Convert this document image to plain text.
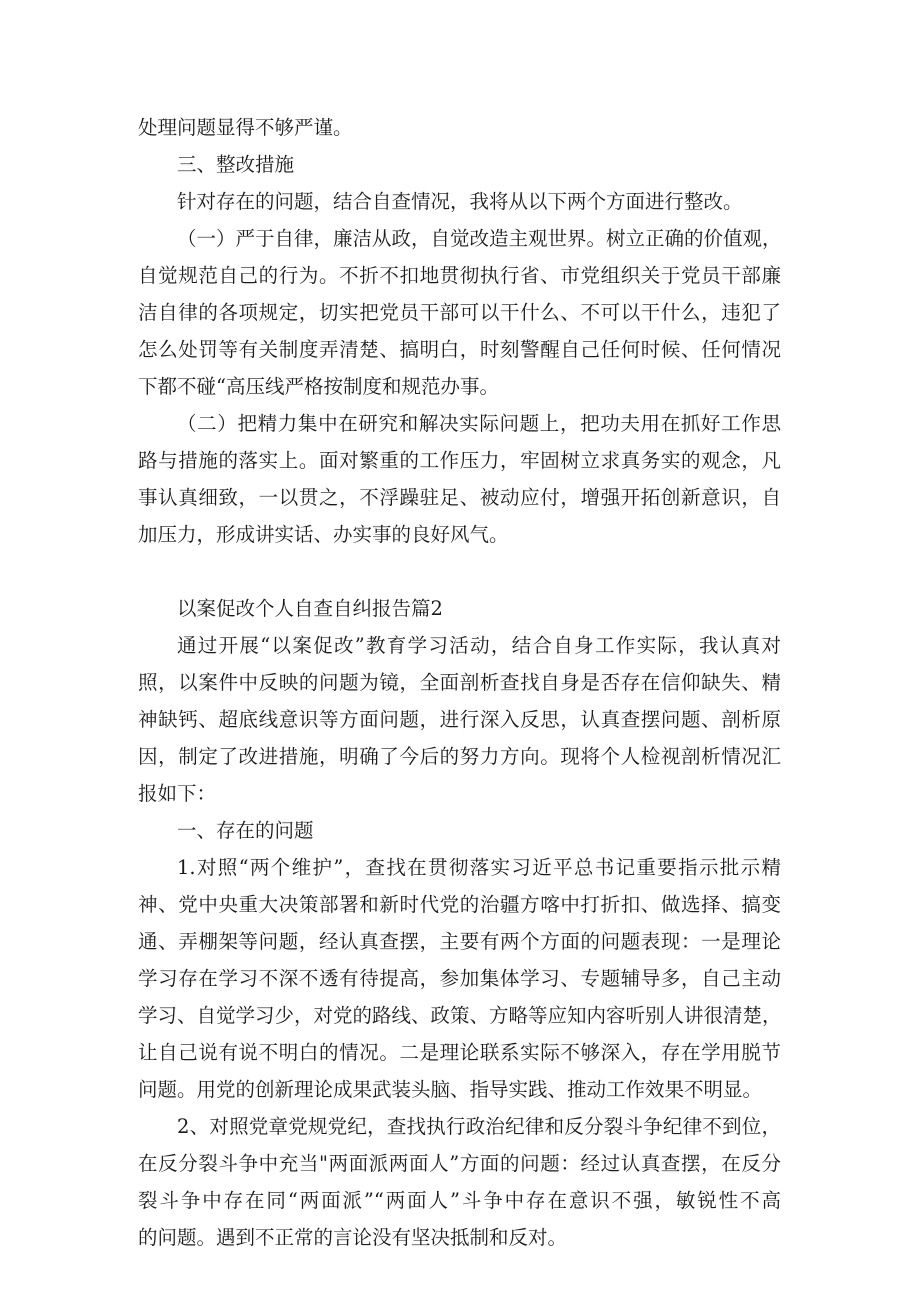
处理问题显得不够严谨。

三、整改措施

针对存在的问题，结合自查情况，我将从以下两个方面进行整改。

（一）严于自律，廉洁从政，自觉改造主观世界。树立正确的价值观，

自觉规范自己的行为。不折不扣地贯彻执行省、市党组织关于党员干部廉

洁自律的各项规定，切实把党员干部可以干什么、不可以干什么，违犯了

怎么处罚等有关制度弄清楚、搞明白，时刻警醒自己任何时候、任何情况

下都不碰“高压线严格按制度和规范办事。

（二）把精力集中在研究和解决实际问题上，把功夫用在抓好工作思

路与措施的落实上。面对繁重的工作压力，牢固树立求真务实的观念，凡

事认真细致，一以贯之，不浮躁驻足、被动应付，增强开拓创新意识，自

加压力，形成讲实话、办实事的良好风气。

以案促改个人自查自纠报告篇2

通过开展“以案促改”教育学习活动，结合自身工作实际，我认真对

照，以案件中反映的问题为镜，全面剖析查找自身是否存在信仰缺失、精

神缺钙、超底线意识等方面问题，进行深入反思，认真查摆问题、剖析原

因，制定了改进措施，明确了今后的努力方向。现将个人检视剖析情况汇

报如下：

一、存在的问题

1.对照“两个维护”，查找在贯彻落实习近平总书记重要指示批示精

神、党中央重大决策部署和新时代党的治疆方喀中打折扣、做选择、搞变

通、弄棚架等问题，经认真查摆，主要有两个方面的问题表现：一是理论

学习存在学习不深不透有待提高，参加集体学习、专题辅导多，自己主动

学习、自觉学习少，对党的路线、政策、方略等应知内容听别人讲很清楚，

让自己说有说不明白的情况。二是理论联系实际不够深入，存在学用脱节

问题。用党的创新理论成果武装头脑、指导实践、推动工作效果不明显。

2、对照党章党规党纪，查找执行政治纪律和反分裂斗争纪律不到位，

在反分裂斗争中充当"两面派两面人”方面的问题：经过认真查摆，在反分

裂斗争中存在同“两面派”“两面人”斗争中存在意识不强，敏锐性不高

的问题。遇到不正常的言论没有坚决抵制和反对。
